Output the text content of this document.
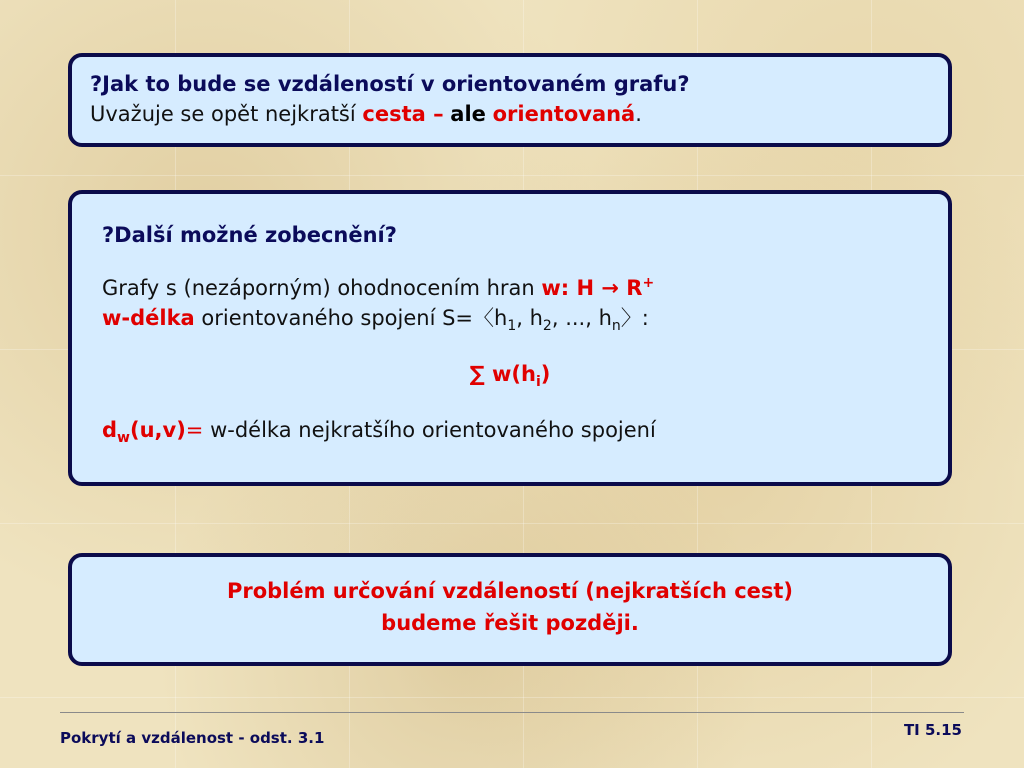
?Jak to bude se vzdáleností v orientovaném grafu?
Uvažuje se opět nejkratší cesta – ale orientovaná.
?Další možné zobecnění?
Grafy s (nezáporným) ohodnocením hran w: H → R+
w-délka orientovaného spojení S=〈$h_1$, $h_2$, ..., $h_n$〉:
∑ $w(h_i)$
$d_w(u,v)=$ w-délka nejkratšího orientovaného spojení
Problém určování vzdáleností (nejkratších cest)
budeme řešit později.
Pokrytí a vzdálenost - odst. 3.1	TI 5.15
